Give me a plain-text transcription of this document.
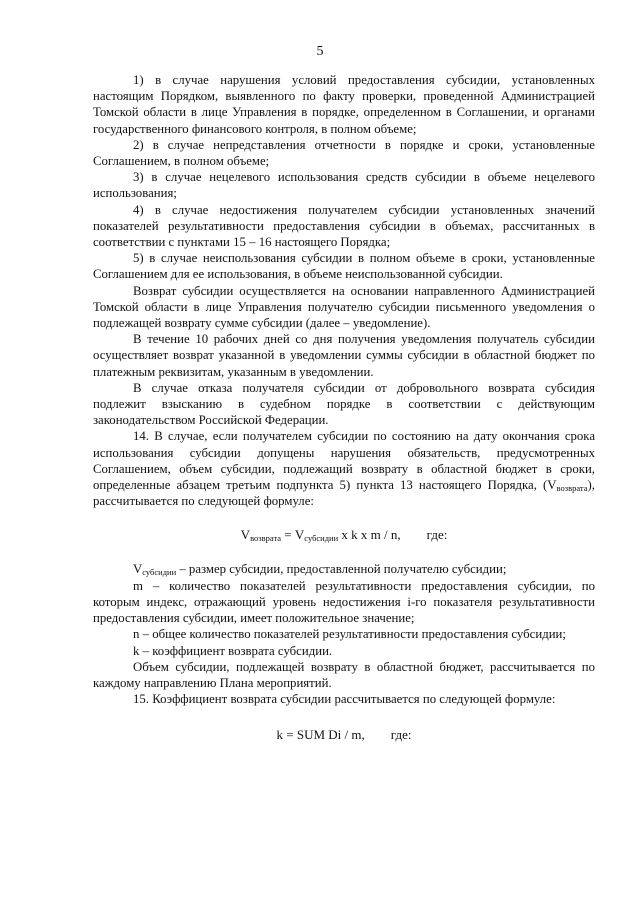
5

1) в случае нарушения условий предоставления субсидии, установленных настоящим Порядком, выявленного по факту проверки, проведенной Администрацией Томской области в лице Управления в порядке, определенном в Соглашении, и органами государственного финансового контроля, в полном объеме;

2) в случае непредставления отчетности в порядке и сроки, установленные Соглашением, в полном объеме;

3) в случае нецелевого использования средств субсидии в объеме нецелевого использования;

4) в случае недостижения получателем субсидии установленных значений показателей результативности предоставления субсидии в объемах, рассчитанных в соответствии с пунктами 15 – 16 настоящего Порядка;

5) в случае неиспользования субсидии в полном объеме в сроки, установленные Соглашением для ее использования, в объеме неиспользованной субсидии.

Возврат субсидии осуществляется на основании направленного Администрацией Томской области в лице Управления получателю субсидии письменного уведомления о подлежащей возврату сумме субсидии (далее – уведомление).

В течение 10 рабочих дней со дня получения уведомления получатель субсидии осуществляет возврат указанной в уведомлении суммы субсидии в областной бюджет по платежным реквизитам, указанным в уведомлении.

В случае отказа получателя субсидии от добровольного возврата субсидия подлежит взысканию в судебном порядке в соответствии с действующим законодательством Российской Федерации.

14. В случае, если получателем субсидии по состоянию на дату окончания срока использования субсидии допущены нарушения обязательств, предусмотренных Соглашением, объем субсидии, подлежащий возврату в областной бюджет в сроки, определенные абзацем третьим подпункта 5) пункта 13 настоящего Порядка, $(V_{возврата})$, рассчитывается по следующей формуле:

$V_{возврата} = V_{субсидии}$ x k x m / n, где:

$V_{субсидии}$ – размер субсидии, предоставленной получателю субсидии;

m – количество показателей результативности предоставления субсидии, по которым индекс, отражающий уровень недостижения i-го показателя результативности предоставления субсидии, имеет положительное значение;

n – общее количество показателей результативности предоставления субсидии;

k – коэффициент возврата субсидии.

Объем субсидии, подлежащей возврату в областной бюджет, рассчитывается по каждому направлению Плана мероприятий.

15. Коэффициент возврата субсидии рассчитывается по следующей формуле:

k = SUM Di / m, где:
